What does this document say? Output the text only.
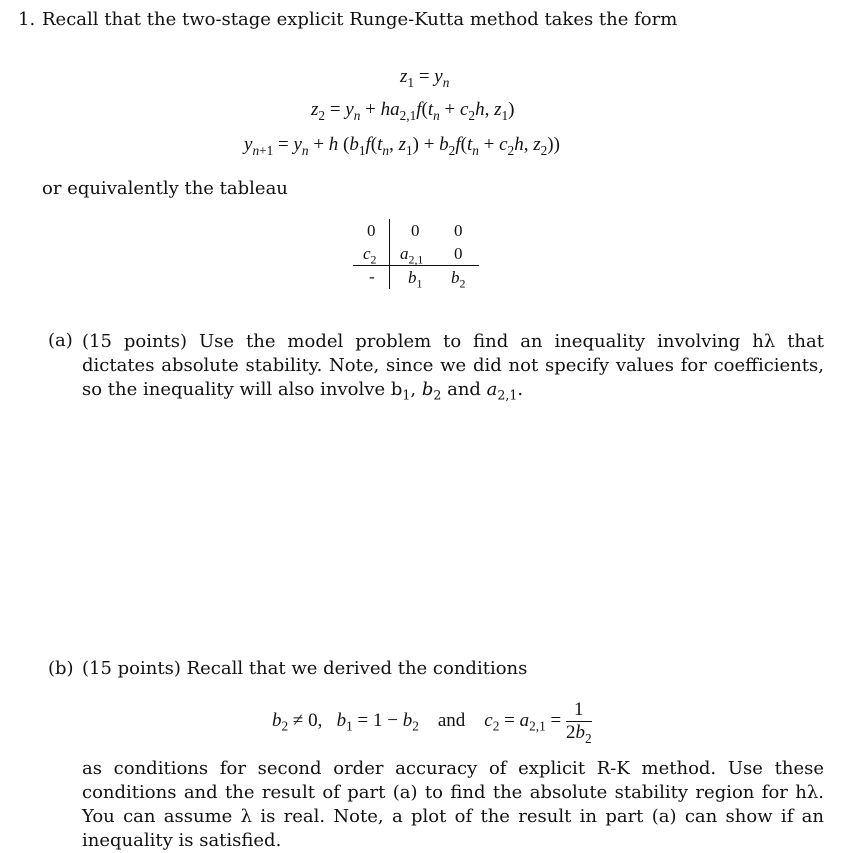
1. Recall that the two-stage explicit Runge-Kutta method takes the form
$z_1 = y_n$
$z_2 = y_n + ha_{2,1}f(t_n + c_2h$, $z_1$)
$y_{n+1} = y_n + h$ ($b_1f(t_n$, $z_1) + b_2f(t_n + c_2h$, $z_2$))
or equivalently the tableau
0 0 0
$c_2$ $a_{2,1}$ 0
- $b_1$ $b_2$
(a) (15 points) Use the model problem to find an inequality involving hλ that dictates absolute stability. Note, since we did not specify values for coefficients, so the inequality will also involve $b_1$, $b_2$ and $a_{2,1}$.
(b) (15 points) Recall that we derived the conditions
$b_2 \ne 0$,   $b_1 = 1 - b_2$ and $c_2 = a_{2,1} = \frac{1}{2b_2}$
as conditions for second order accuracy of explicit R-K method. Use these conditions and the result of part (a) to find the absolute stability region for hλ. You can assume λ is real. Note, a plot of the result in part (a) can show if an inequality is satisfied.
